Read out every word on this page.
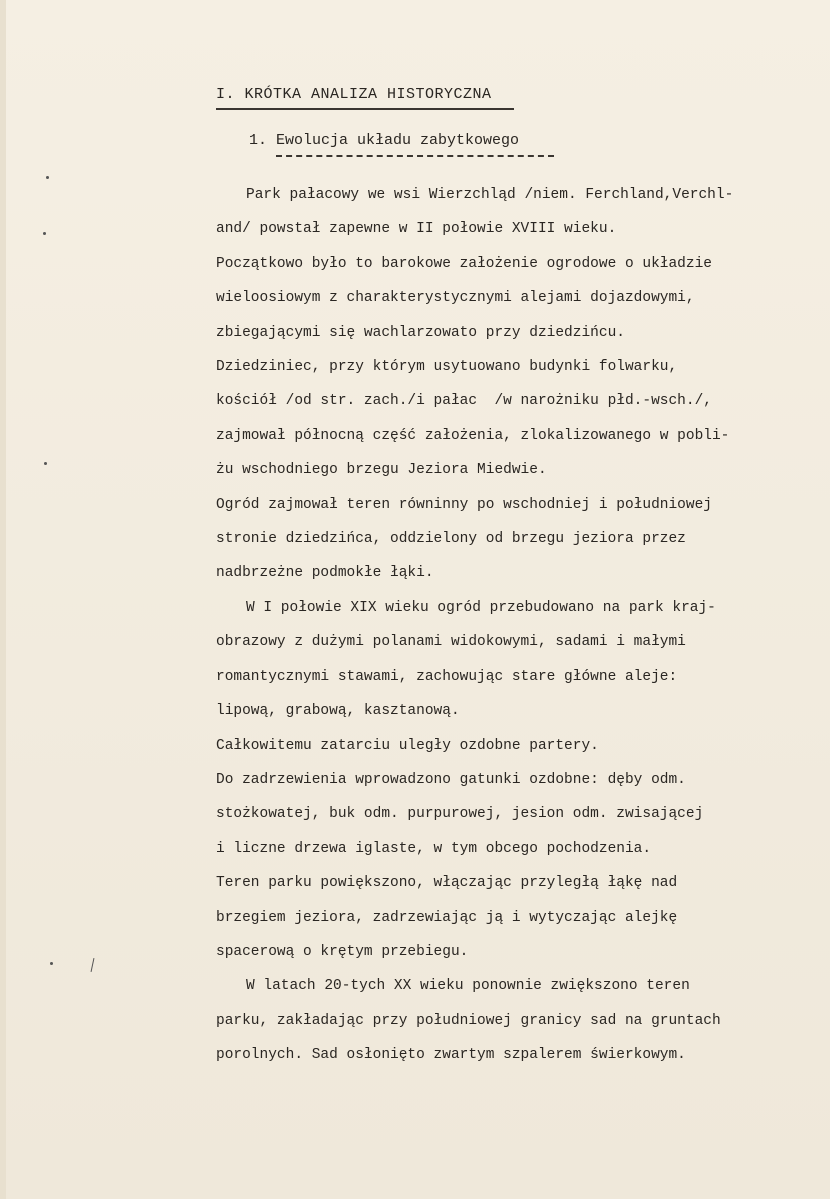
I. KRÓTKA ANALIZA HISTORYCZNA
1. Ewolucja układu zabytkowego
Park pałacowy we wsi Wierzchląd /niem. Ferchland,Verchl-
and/ powstał zapewne w II połowie XVIII wieku.
Początkowo było to barokowe założenie ogrodowe o układzie
wieloosiowym z charakterystycznymi alejami dojazdowymi,
zbiegającymi się wachlarzowato przy dziedzińcu.
Dziedziniec, przy którym usytuowano budynki folwarku,
kościół /od str. zach./i pałac  /w narożniku płd.-wsch./,
zajmował północną część założenia, zlokalizowanego w pobli-
żu wschodniego brzegu Jeziora Miedwie.
Ogród zajmował teren równinny po wschodniej i południowej
stronie dziedzińca, oddzielony od brzegu jeziora przez
nadbrzeżne podmokłe łąki.
W I połowie XIX wieku ogród przebudowano na park kraj-
obrazowy z dużymi polanami widokowymi, sadami i małymi
romantycznymi stawami, zachowując stare główne aleje:
lipową, grabową, kasztanową.
Całkowitemu zatarciu uległy ozdobne partery.
Do zadrzewienia wprowadzono gatunki ozdobne: dęby odm.
stożkowatej, buk odm. purpurowej, jesion odm. zwisającej
i liczne drzewa iglaste, w tym obcego pochodzenia.
Teren parku powiększono, włączając przyległą łąkę nad
brzegiem jeziora, zadrzewiając ją i wytyczając alejkę
spacerową o krętym przebiegu.
W latach 20-tych XX wieku ponownie zwiększono teren
parku, zakładając przy południowej granicy sad na gruntach
porolnych. Sad osłonięto zwartym szpalerem świerkowym.
